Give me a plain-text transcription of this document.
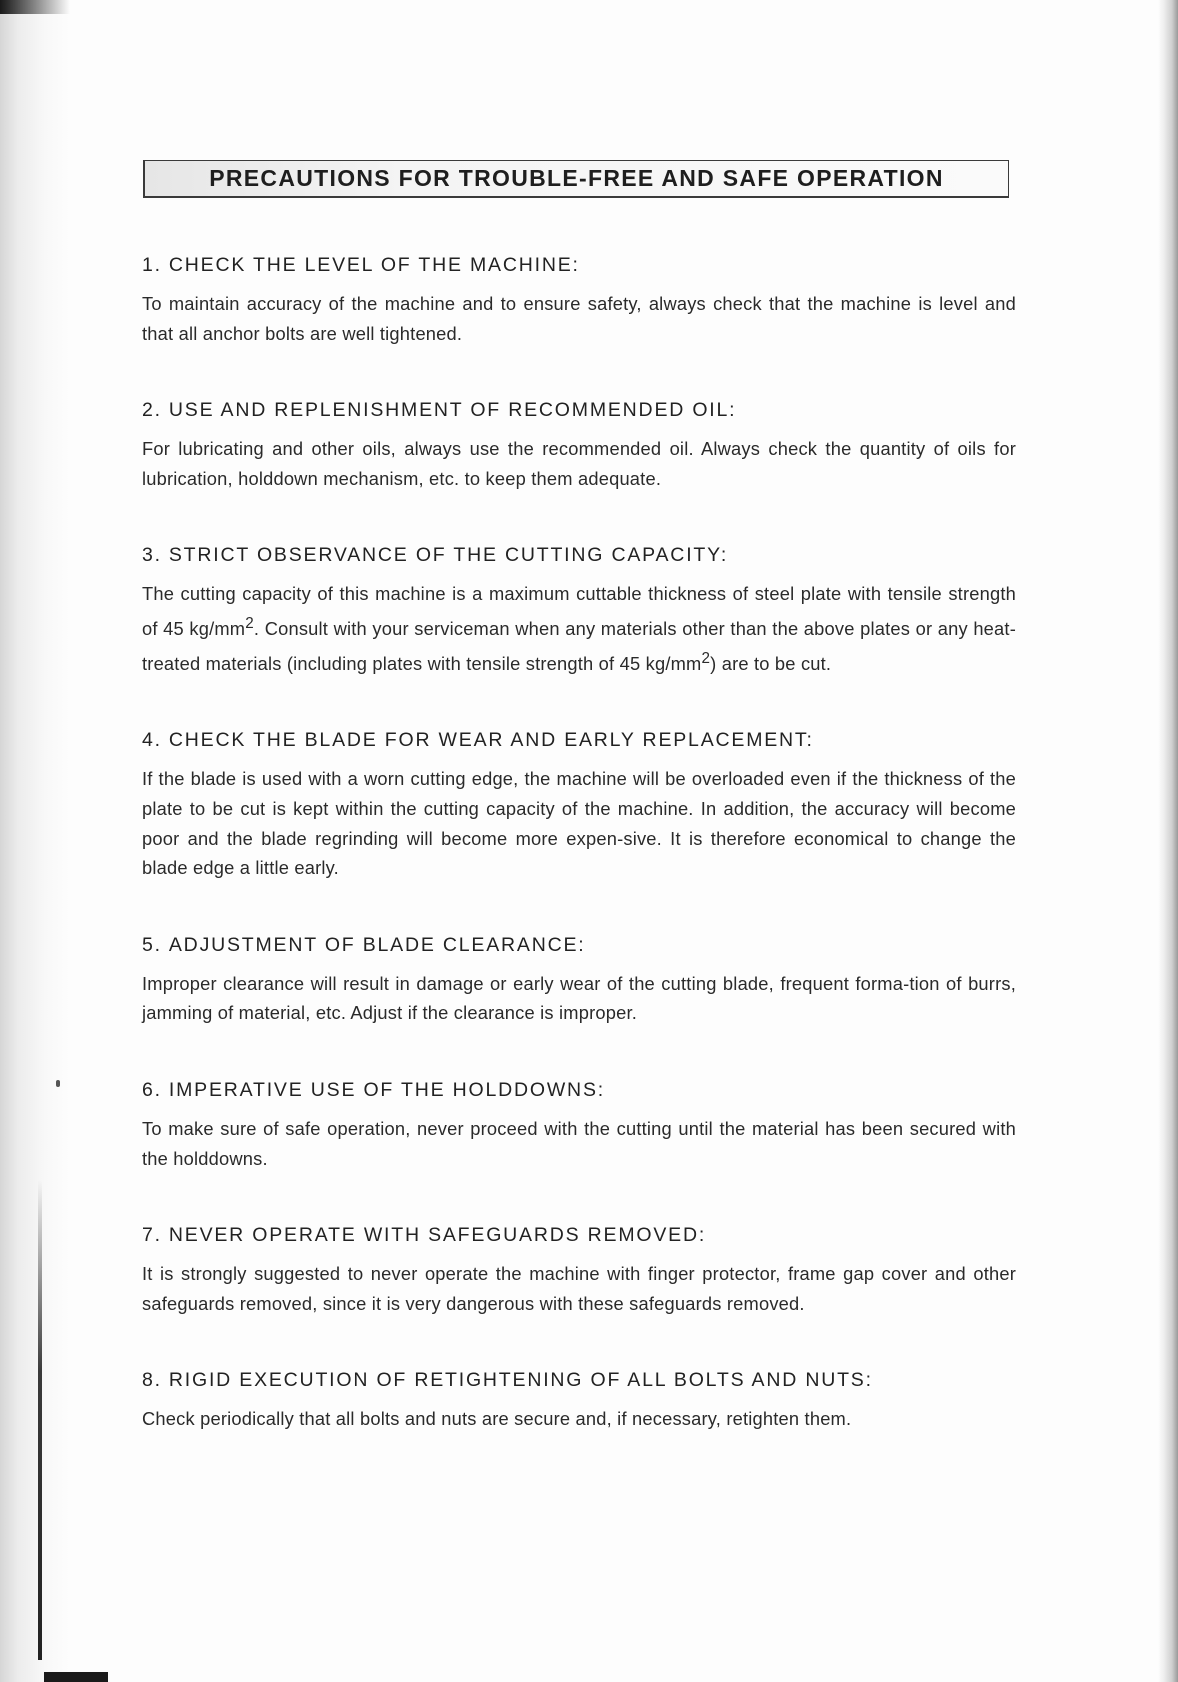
PRECAUTIONS FOR TROUBLE-FREE AND SAFE OPERATION
1. CHECK THE LEVEL OF THE MACHINE:

To maintain accuracy of the machine and to ensure safety, always check that the machine is level and that all anchor bolts are well tightened.

2. USE AND REPLENISHMENT OF RECOMMENDED OIL:

For lubricating and other oils, always use the recommended oil. Always check the quantity of oils for lubrication, holddown mechanism, etc. to keep them adequate.

3. STRICT OBSERVANCE OF THE CUTTING CAPACITY:

The cutting capacity of this machine is a maximum cuttable thickness of steel plate with tensile strength of 45 $kg/mm^2$. Consult with your serviceman when any materials other than the above plates or any heat-treated materials (including plates with tensile strength of 45 $kg/mm^2$) are to be cut.

4. CHECK THE BLADE FOR WEAR AND EARLY REPLACEMENT:

If the blade is used with a worn cutting edge, the machine will be overloaded even if the thickness of the plate to be cut is kept within the cutting capacity of the machine. In addition, the accuracy will become poor and the blade regrinding will become more expen-sive. It is therefore economical to change the blade edge a little early.

5. ADJUSTMENT OF BLADE CLEARANCE:

Improper clearance will result in damage or early wear of the cutting blade, frequent forma-tion of burrs, jamming of material, etc. Adjust if the clearance is improper.

6. IMPERATIVE USE OF THE HOLDDOWNS:

To make sure of safe operation, never proceed with the cutting until the material has been secured with the holddowns.

7. NEVER OPERATE WITH SAFEGUARDS REMOVED:

It is strongly suggested to never operate the machine with finger protector, frame gap cover and other safeguards removed, since it is very dangerous with these safeguards removed.

8. RIGID EXECUTION OF RETIGHTENING OF ALL BOLTS AND NUTS:

Check periodically that all bolts and nuts are secure and, if necessary, retighten them.
